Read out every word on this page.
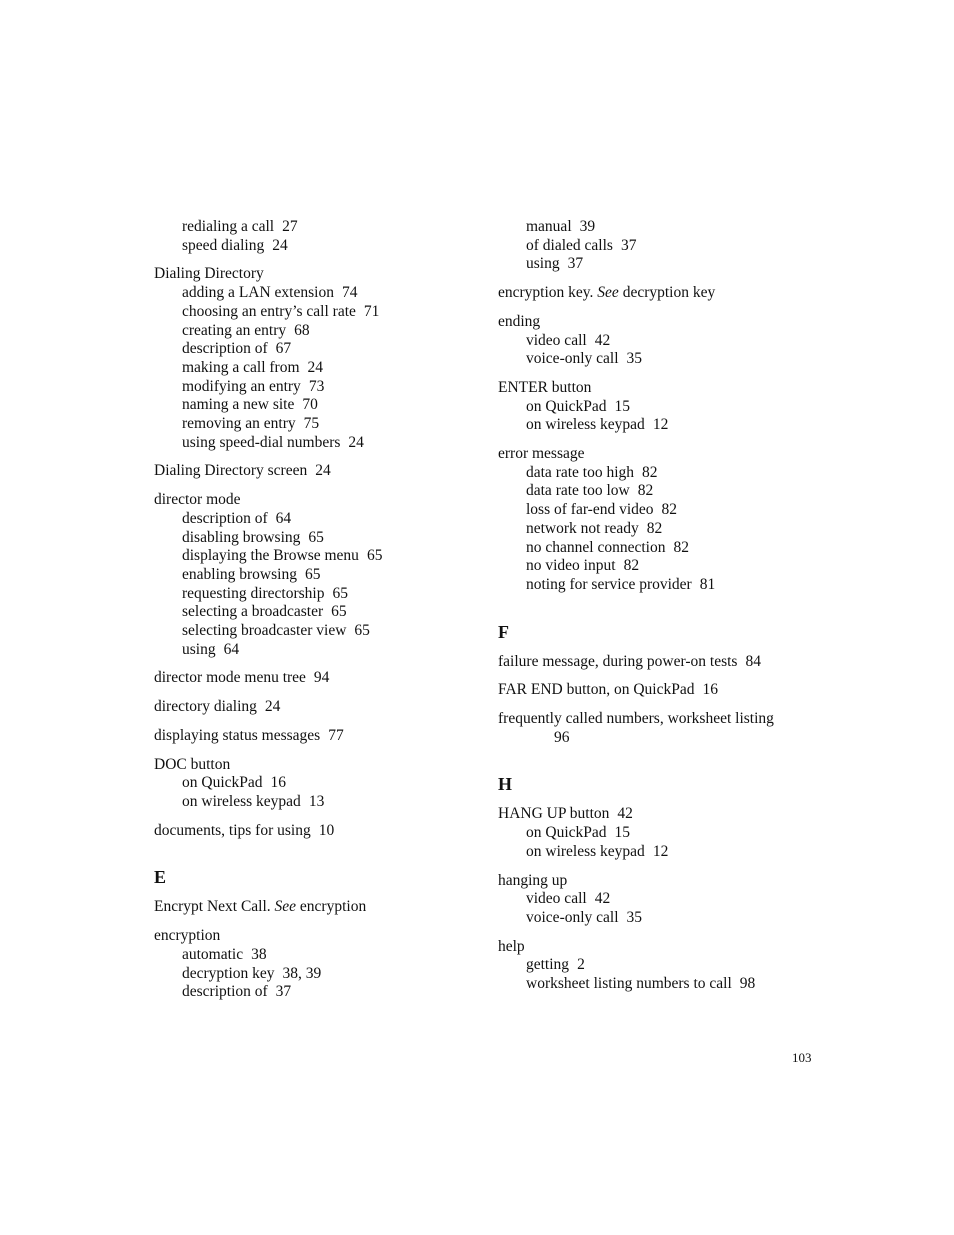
redialing a call 27
speed dialing 24
Dialing Directory
adding a LAN extension 74
choosing an entry’s call rate 71
creating an entry 68
description of 67
making a call from 24
modifying an entry 73
naming a new site 70
removing an entry 75
using speed-dial numbers 24
Dialing Directory screen 24
director mode
description of 64
disabling browsing 65
displaying the Browse menu 65
enabling browsing 65
requesting directorship 65
selecting a broadcaster 65
selecting broadcaster view 65
using 64
director mode menu tree 94
directory dialing 24
displaying status messages 77
DOC button
on QuickPad 16
on wireless keypad 13
documents, tips for using 10
E
Encrypt Next Call. See encryption
encryption
automatic 38
decryption key 38, 39
description of 37
manual 39
of dialed calls 37
using 37
encryption key. See decryption key
ending
video call 42
voice-only call 35
ENTER button
on QuickPad 15
on wireless keypad 12
error message
data rate too high 82
data rate too low 82
loss of far-end video 82
network not ready 82
no channel connection 82
no video input 82
noting for service provider 81
F
failure message, during power-on tests 84
FAR END button, on QuickPad 16
frequently called numbers, worksheet listing
96
H
HANG UP button 42
on QuickPad 15
on wireless keypad 12
hanging up
video call 42
voice-only call 35
help
getting 2
worksheet listing numbers to call 98
103
